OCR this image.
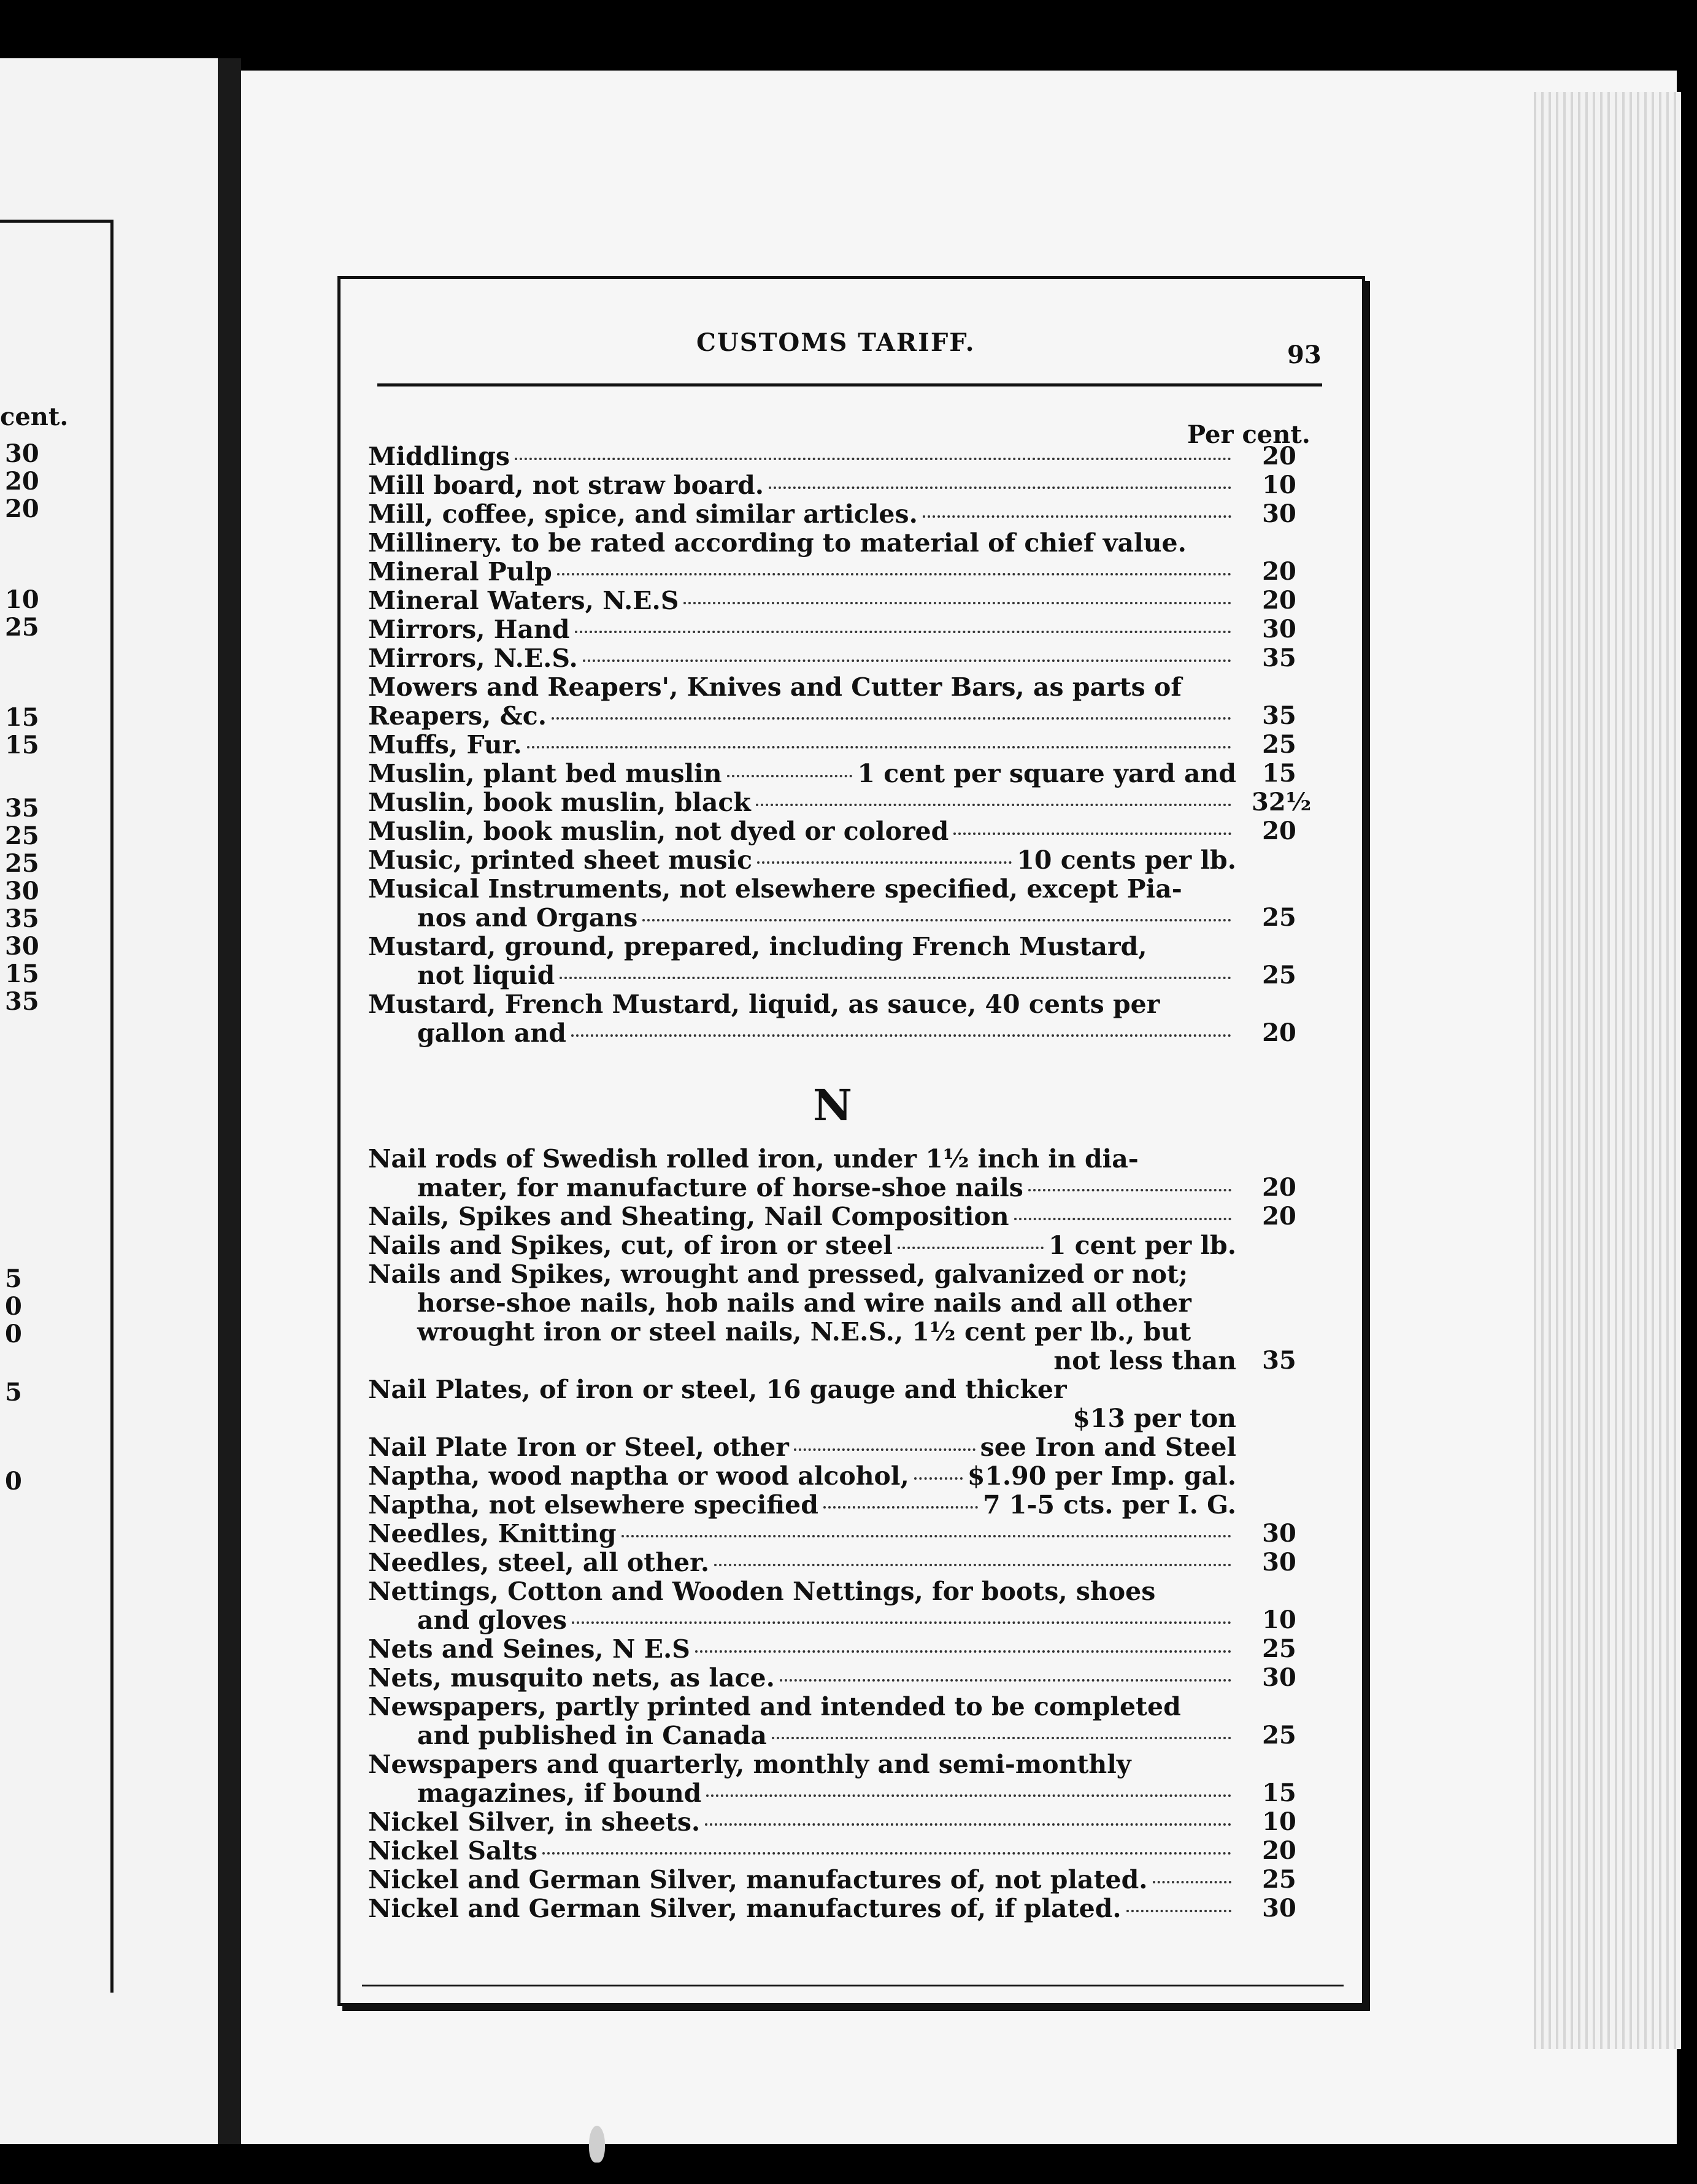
cent.
30
20
20
10
25
15
15
35
25
25
30
35
30
15
35
5
0
0
5
0
CUSTOMS TARIFF.	93
Per cent.
Middlings	20
Mill board, not straw board.	10
Mill, coffee, spice, and similar articles.	30
Millinery. to be rated according to material of chief value.
Mineral Pulp	20
Mineral Waters, N.E.S	20
Mirrors, Hand	30
Mirrors, N.E.S.	35
Mowers and Reapers', Knives and Cutter Bars, as parts of
Reapers, &c.	35
Muffs, Fur.	25
Muslin, plant bed muslin	1 cent per square yard and	15
Muslin, book muslin, black	32½
Muslin, book muslin, not dyed or colored	20
Music, printed sheet music	10 cents per lb.
Musical Instruments, not elsewhere specified, except Pia-
nos and Organs	25
Mustard, ground, prepared, including French Mustard,
not liquid	25
Mustard, French Mustard, liquid, as sauce, 40 cents per
gallon and	20
N
Nail rods of Swedish rolled iron, under 1½ inch in dia-
mater, for manufacture of horse-shoe nails	20
Nails, Spikes and Sheating, Nail Composition	20
Nails and Spikes, cut, of iron or steel	1 cent per lb.
Nails and Spikes, wrought and pressed, galvanized or not;
horse-shoe nails, hob nails and wire nails and all other
wrought iron or steel nails, N.E.S., 1½ cent per lb., but
not less than	35
Nail Plates, of iron or steel, 16 gauge and thicker
$13 per ton
Nail Plate Iron or Steel, other	see Iron and Steel
Naptha, wood naptha or wood alcohol, $1.90 per Imp. gal.
Naptha, not elsewhere specified	7 1-5 cts. per I. G.
Needles, Knitting	30
Needles, steel, all other.	30
Nettings, Cotton and Wooden Nettings, for boots, shoes
and gloves	10
Nets and Seines, N E.S	25
Nets, musquito nets, as lace.	30
Newspapers, partly printed and intended to be completed
and published in Canada	25
Newspapers and quarterly, monthly and semi-monthly
magazines, if bound	15
Nickel Silver, in sheets.	10
Nickel Salts	20
Nickel and German Silver, manufactures of, not plated.	25
Nickel and German Silver, manufactures of, if plated.	30
